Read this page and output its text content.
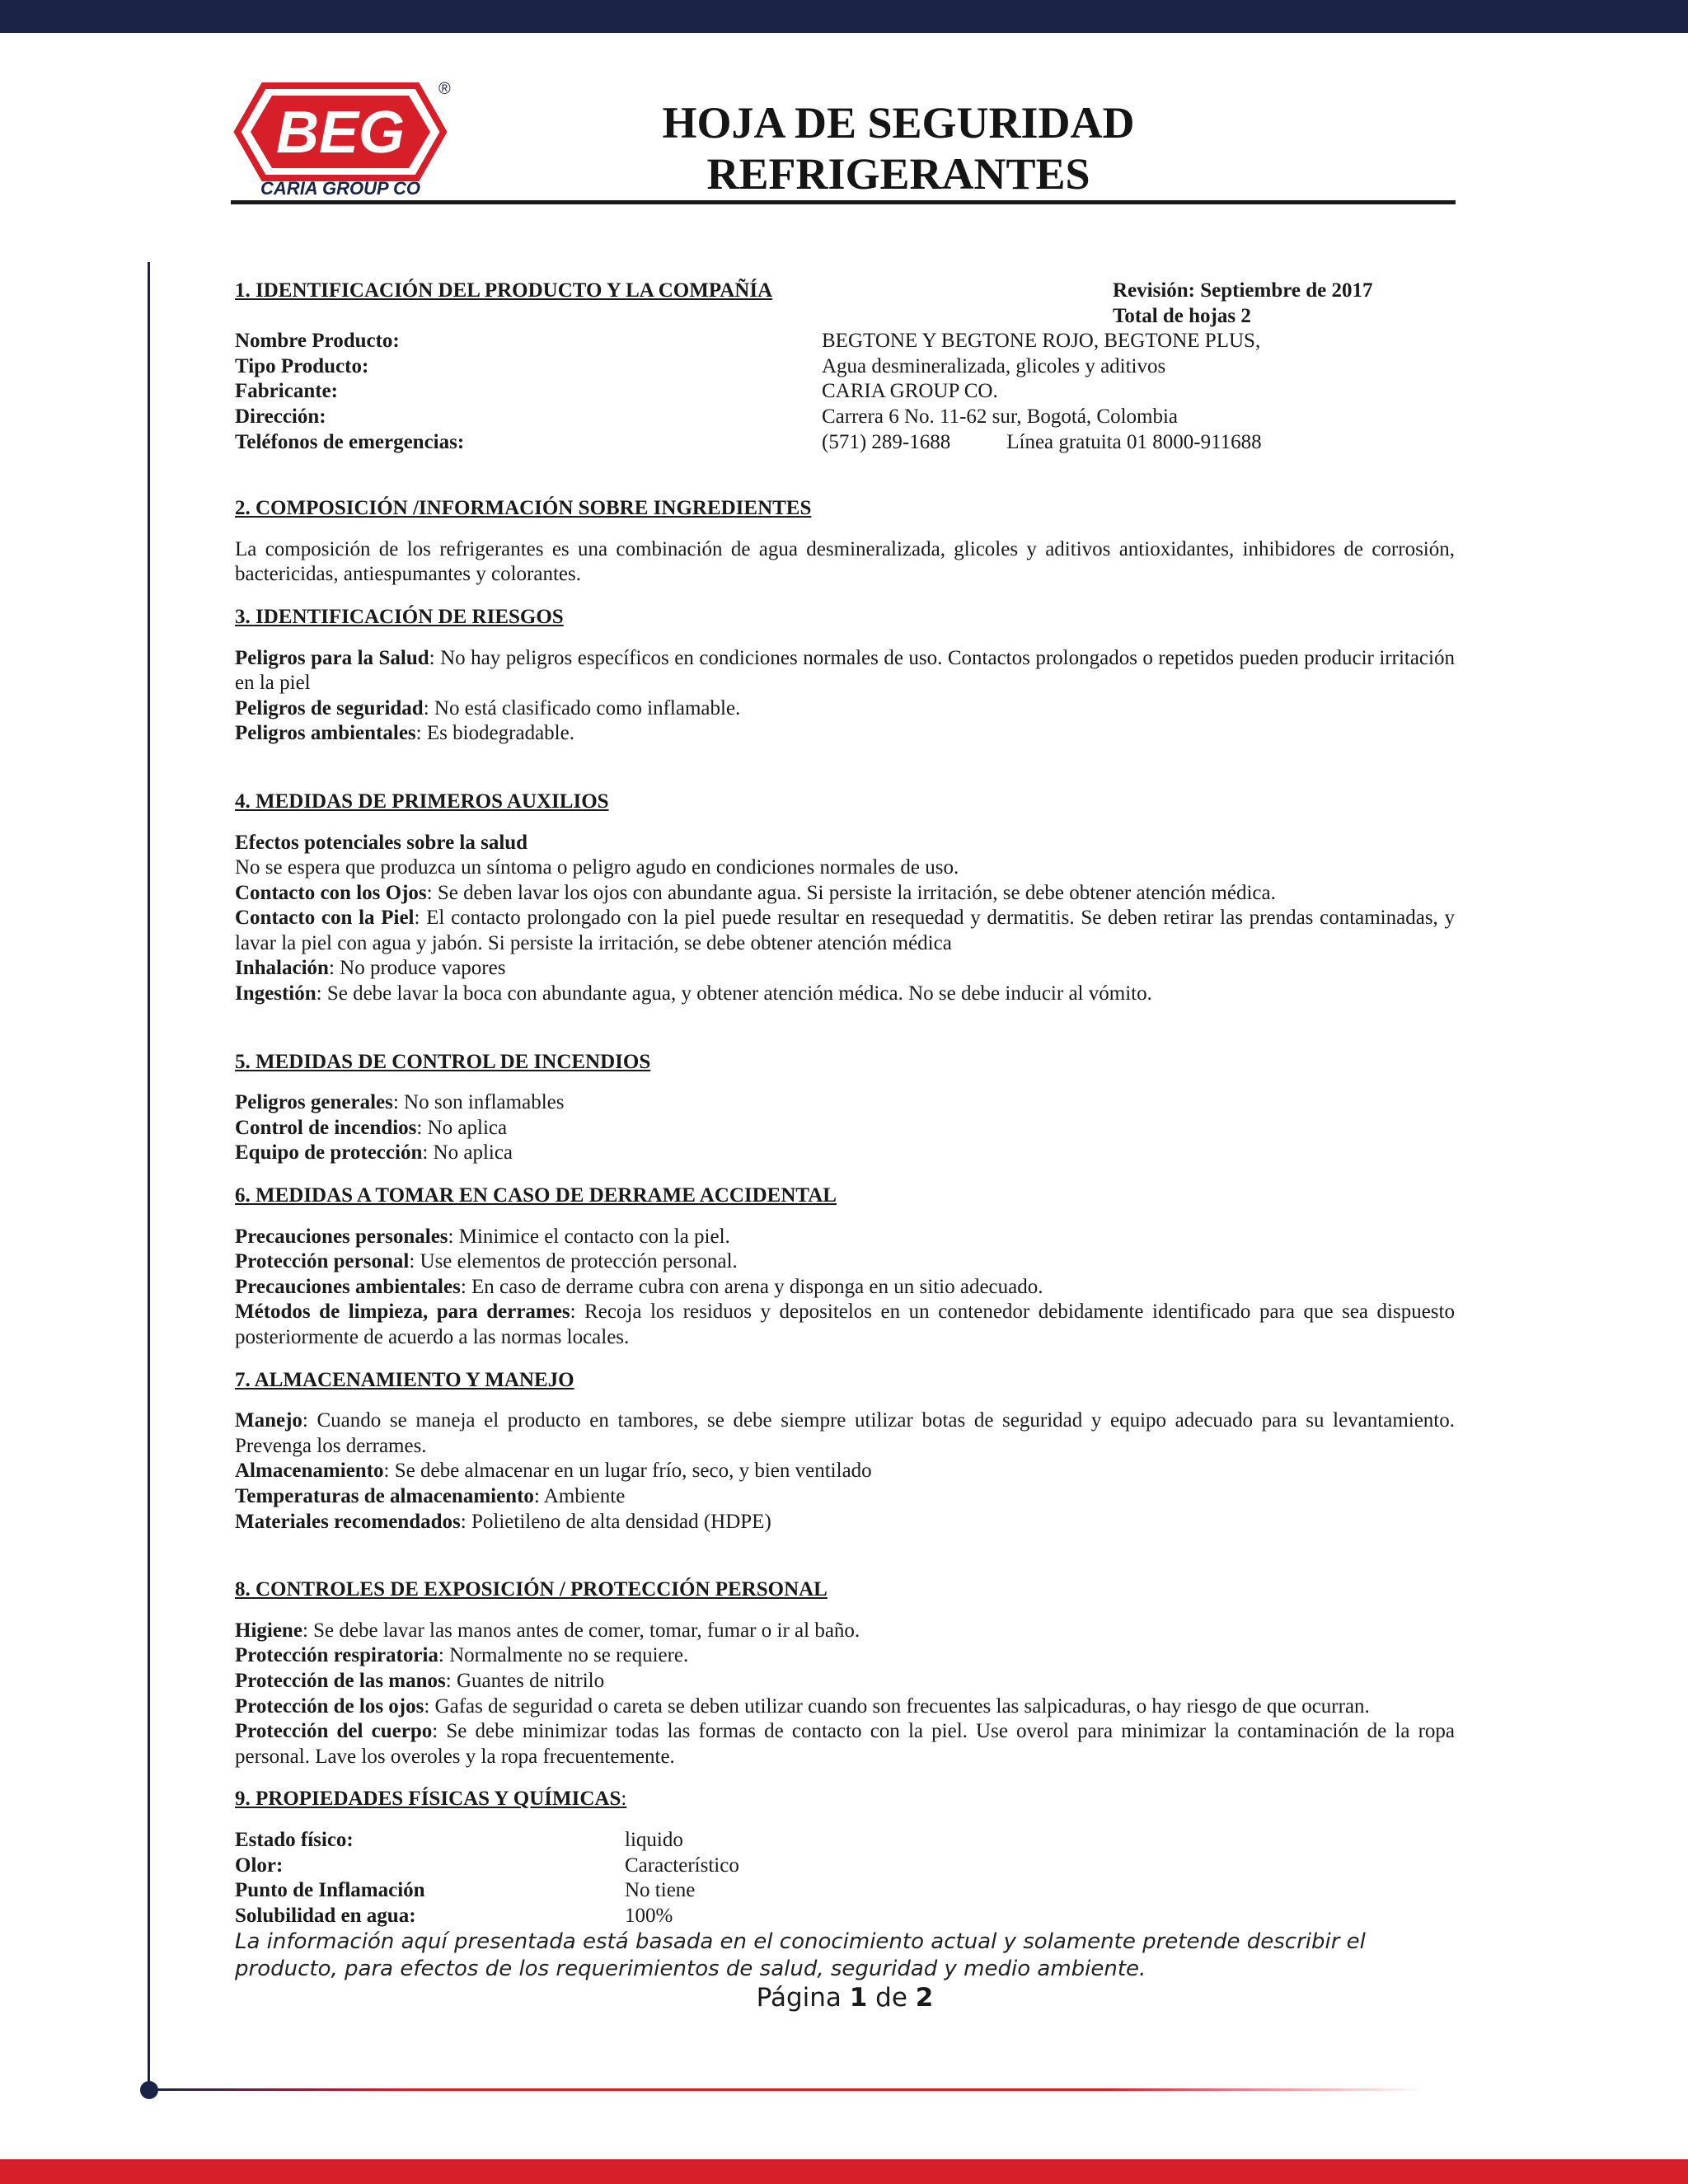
BEG
®
CARIA GROUP CO
HOJA DE SEGURIDAD
REFRIGERANTES

1. IDENTIFICACIÓN DEL PRODUCTO Y LA COMPAÑÍA	Revisión: Septiembre de 2017
Total de hojas 2
Nombre Producto:	BEGTONE Y BEGTONE ROJO, BEGTONE PLUS,
Tipo Producto:	Agua desmineralizada, glicoles y aditivos
Fabricante:	CARIA GROUP CO.
Dirección:	Carrera 6 No. 11-62 sur, Bogotá, Colombia
Teléfonos de emergencias:	(571) 289-1688	Línea gratuita 01 8000-911688

2. COMPOSICIÓN /INFORMACIÓN SOBRE INGREDIENTES

La composición de los refrigerantes es una combinación de agua desmineralizada, glicoles y aditivos antioxidantes, inhibidores de corrosión, bactericidas, antiespumantes y colorantes.

3. IDENTIFICACIÓN DE RIESGOS

Peligros para la Salud: No hay peligros específicos en condiciones normales de uso. Contactos prolongados o repetidos pueden producir irritación en la piel

Peligros de seguridad: No está clasificado como inflamable.

Peligros ambientales: Es biodegradable.

4. MEDIDAS DE PRIMEROS AUXILIOS

Efectos potenciales sobre la salud

No se espera que produzca un síntoma o peligro agudo en condiciones normales de uso.

Contacto con los Ojos: Se deben lavar los ojos con abundante agua. Si persiste la irritación, se debe obtener atención médica.

Contacto con la Piel: El contacto prolongado con la piel puede resultar en resequedad y dermatitis. Se deben retirar las prendas contaminadas, y lavar la piel con agua y jabón. Si persiste la irritación, se debe obtener atención médica

Inhalación: No produce vapores

Ingestión: Se debe lavar la boca con abundante agua, y obtener atención médica. No se debe inducir al vómito.

5. MEDIDAS DE CONTROL DE INCENDIOS

Peligros generales: No son inflamables

Control de incendios: No aplica

Equipo de protección: No aplica

6. MEDIDAS A TOMAR EN CASO DE DERRAME ACCIDENTAL

Precauciones personales: Minimice el contacto con la piel.

Protección personal: Use elementos de protección personal.

Precauciones ambientales: En caso de derrame cubra con arena y disponga en un sitio adecuado.

Métodos de limpieza, para derrames: Recoja los residuos y depositelos en un contenedor debidamente identificado para que sea dispuesto posteriormente de acuerdo a las normas locales.

7. ALMACENAMIENTO Y MANEJO

Manejo: Cuando se maneja el producto en tambores, se debe siempre utilizar botas de seguridad y equipo adecuado para su levantamiento. Prevenga los derrames.

Almacenamiento: Se debe almacenar en un lugar frío, seco, y bien ventilado

Temperaturas de almacenamiento: Ambiente

Materiales recomendados: Polietileno de alta densidad (HDPE)

8. CONTROLES DE EXPOSICIÓN / PROTECCIÓN PERSONAL

Higiene: Se debe lavar las manos antes de comer, tomar, fumar o ir al baño.

Protección respiratoria: Normalmente no se requiere.

Protección de las manos: Guantes de nitrilo

Protección de los ojos: Gafas de seguridad o careta se deben utilizar cuando son frecuentes las salpicaduras, o hay riesgo de que ocurran.

Protección del cuerpo: Se debe minimizar todas las formas de contacto con la piel. Use overol para minimizar la contaminación de la ropa personal. Lave los overoles y la ropa frecuentemente.

9. PROPIEDADES FÍSICAS Y QUÍMICAS:

Estado físico:	liquido
Olor:	Característico
Punto de Inflamación	No tiene
Solubilidad en agua:	100%

La información aquí presentada está basada en el conocimiento actual y solamente pretende describir el producto, para efectos de los requerimientos de salud, seguridad y medio ambiente.

Página 1 de 2
